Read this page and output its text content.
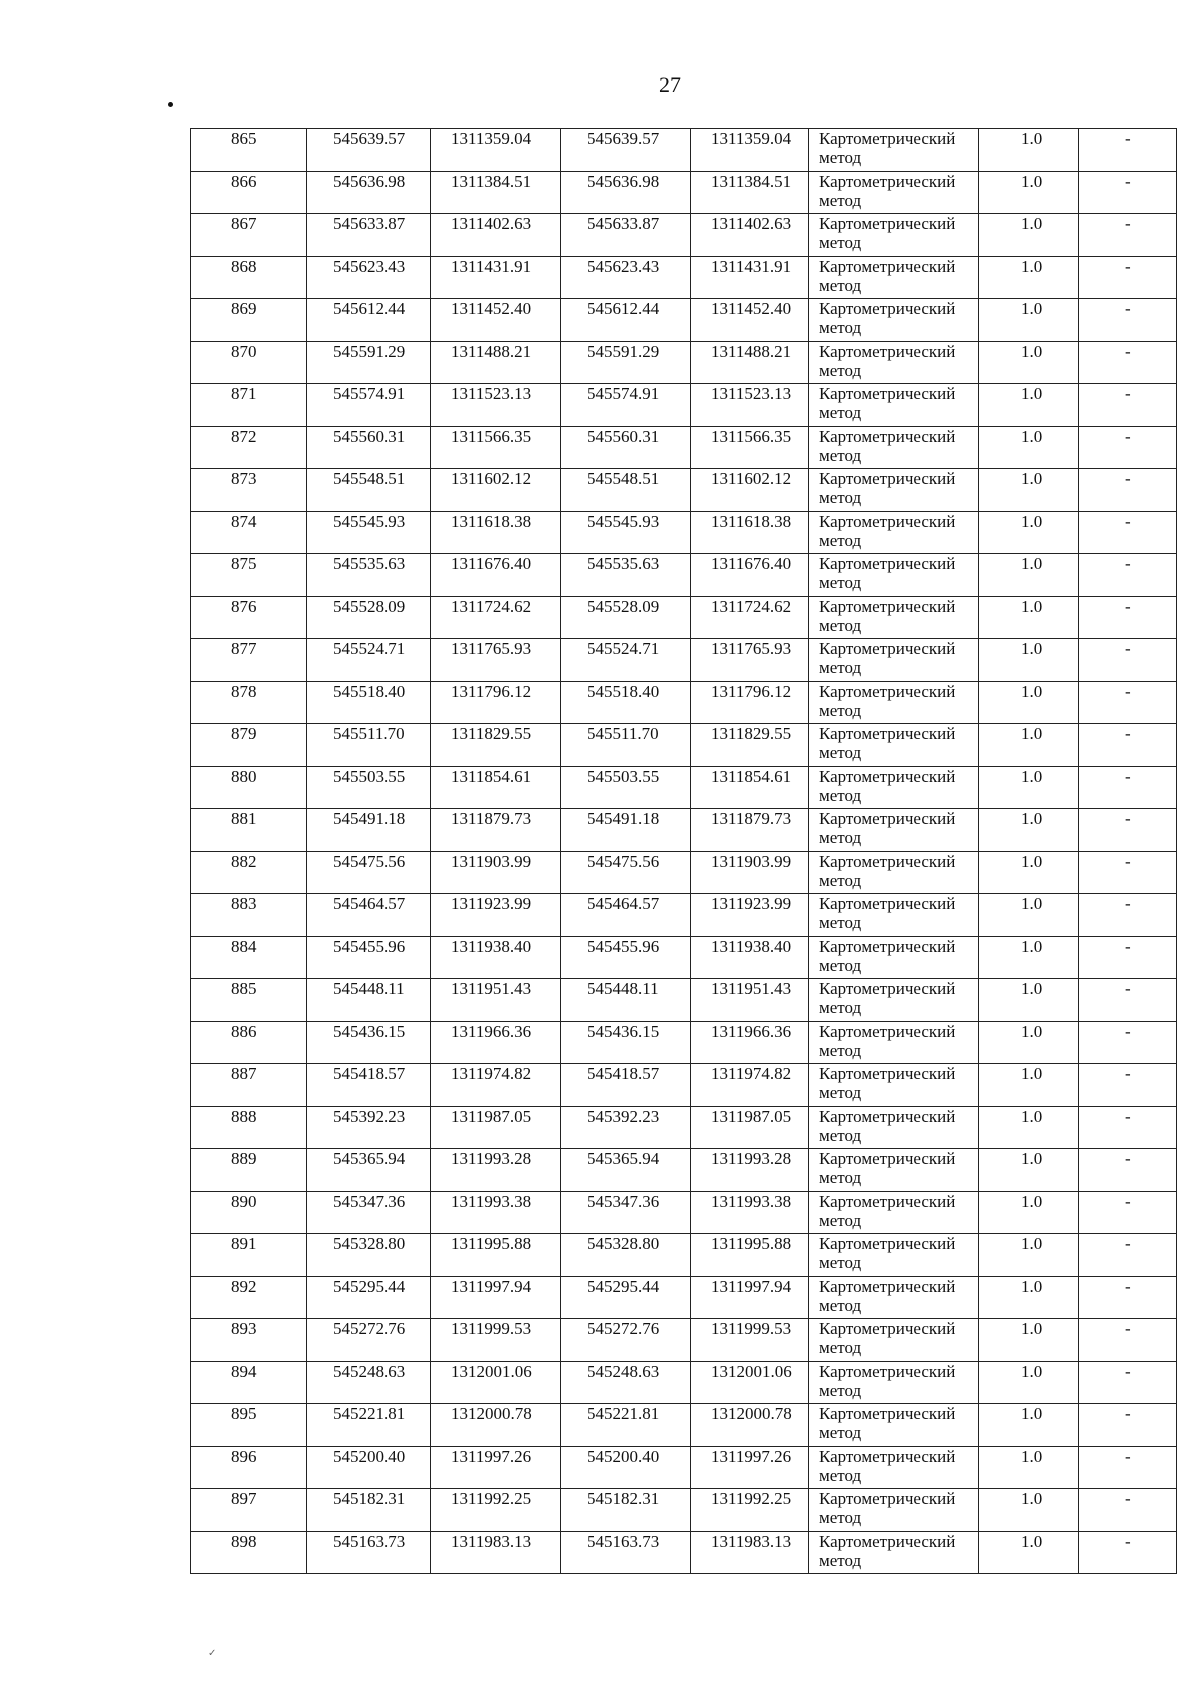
27
865	545639.57	1311359.04	545639.57	1311359.04	Картометрический
метод	1.0	-
866	545636.98	1311384.51	545636.98	1311384.51	Картометрический
метод	1.0	-
867	545633.87	1311402.63	545633.87	1311402.63	Картометрический
метод	1.0	-
868	545623.43	1311431.91	545623.43	1311431.91	Картометрический
метод	1.0	-
869	545612.44	1311452.40	545612.44	1311452.40	Картометрический
метод	1.0	-
870	545591.29	1311488.21	545591.29	1311488.21	Картометрический
метод	1.0	-
871	545574.91	1311523.13	545574.91	1311523.13	Картометрический
метод	1.0	-
872	545560.31	1311566.35	545560.31	1311566.35	Картометрический
метод	1.0	-
873	545548.51	1311602.12	545548.51	1311602.12	Картометрический
метод	1.0	-
874	545545.93	1311618.38	545545.93	1311618.38	Картометрический
метод	1.0	-
875	545535.63	1311676.40	545535.63	1311676.40	Картометрический
метод	1.0	-
876	545528.09	1311724.62	545528.09	1311724.62	Картометрический
метод	1.0	-
877	545524.71	1311765.93	545524.71	1311765.93	Картометрический
метод	1.0	-
878	545518.40	1311796.12	545518.40	1311796.12	Картометрический
метод	1.0	-
879	545511.70	1311829.55	545511.70	1311829.55	Картометрический
метод	1.0	-
880	545503.55	1311854.61	545503.55	1311854.61	Картометрический
метод	1.0	-
881	545491.18	1311879.73	545491.18	1311879.73	Картометрический
метод	1.0	-
882	545475.56	1311903.99	545475.56	1311903.99	Картометрический
метод	1.0	-
883	545464.57	1311923.99	545464.57	1311923.99	Картометрический
метод	1.0	-
884	545455.96	1311938.40	545455.96	1311938.40	Картометрический
метод	1.0	-
885	545448.11	1311951.43	545448.11	1311951.43	Картометрический
метод	1.0	-
886	545436.15	1311966.36	545436.15	1311966.36	Картометрический
метод	1.0	-
887	545418.57	1311974.82	545418.57	1311974.82	Картометрический
метод	1.0	-
888	545392.23	1311987.05	545392.23	1311987.05	Картометрический
метод	1.0	-
889	545365.94	1311993.28	545365.94	1311993.28	Картометрический
метод	1.0	-
890	545347.36	1311993.38	545347.36	1311993.38	Картометрический
метод	1.0	-
891	545328.80	1311995.88	545328.80	1311995.88	Картометрический
метод	1.0	-
892	545295.44	1311997.94	545295.44	1311997.94	Картометрический
метод	1.0	-
893	545272.76	1311999.53	545272.76	1311999.53	Картометрический
метод	1.0	-
894	545248.63	1312001.06	545248.63	1312001.06	Картометрический
метод	1.0	-
895	545221.81	1312000.78	545221.81	1312000.78	Картометрический
метод	1.0	-
896	545200.40	1311997.26	545200.40	1311997.26	Картометрический
метод	1.0	-
897	545182.31	1311992.25	545182.31	1311992.25	Картометрический
метод	1.0	-
898	545163.73	1311983.13	545163.73	1311983.13	Картометрический
метод	1.0	-
✓
